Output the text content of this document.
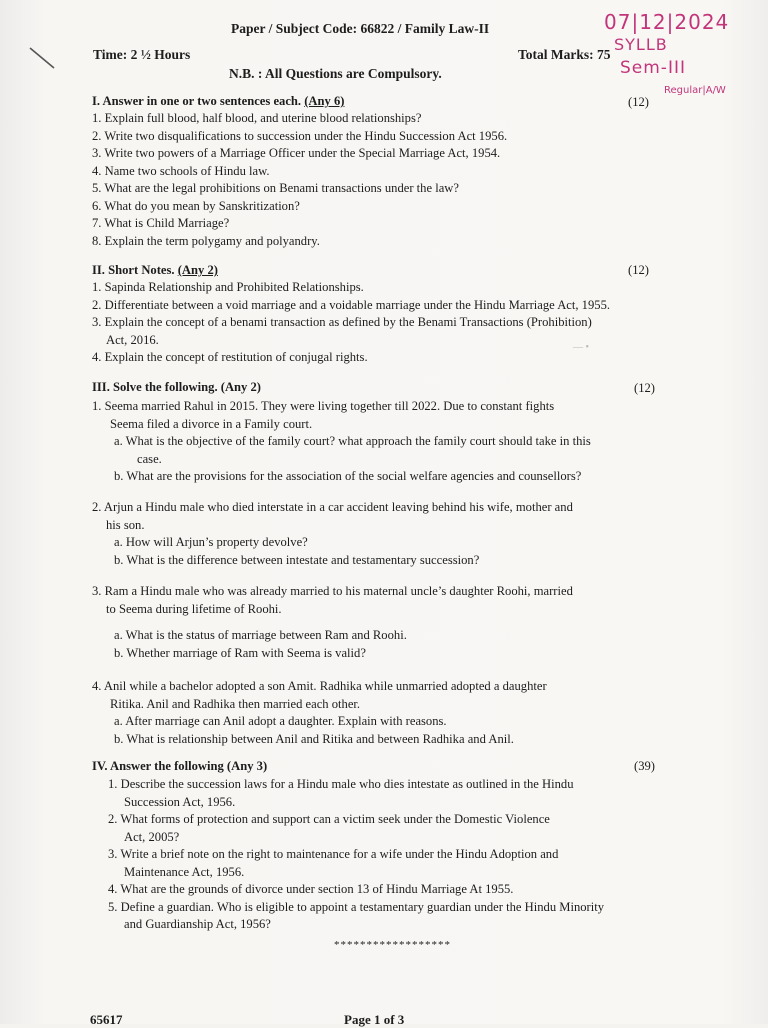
Paper / Subject Code: 66822 / Family Law-II
Time: 2 ½ Hours	Total Marks: 75
N.B. : All Questions are Compulsory.
07|12|2024
SYLLB
Sem-III
Regular|A/W
I. Answer in one or two sentences each. (Any 6)	(12)
1. Explain full blood, half blood, and uterine blood relationships?
2. Write two disqualifications to succession under the Hindu Succession Act 1956.
3. Write two powers of a Marriage Officer under the Special Marriage Act, 1954.
4. Name two schools of Hindu law.
5. What are the legal prohibitions on Benami transactions under the law?
6. What do you mean by Sanskritization?
7. What is Child Marriage?
8. Explain the term polygamy and polyandry.
II. Short Notes. (Any 2)	(12)
1. Sapinda Relationship and Prohibited Relationships.
2. Differentiate between a void marriage and a voidable marriage under the Hindu Marriage Act, 1955.
3. Explain the concept of a benami transaction as defined by the Benami Transactions (Prohibition)
Act, 2016.
4. Explain the concept of restitution of conjugal rights.
— •
III. Solve the following. (Any 2)	(12)
1. Seema married Rahul in 2015. They were living together till 2022. Due to constant fights
Seema filed a divorce in a Family court.
a. What is the objective of the family court? what approach the family court should take in this
case.
b. What are the provisions for the association of the social welfare agencies and counsellors?
2. Arjun a Hindu male who died interstate in a car accident leaving behind his wife, mother and
his son.
a. How will Arjun’s property devolve?
b. What is the difference between intestate and testamentary succession?
3. Ram a Hindu male who was already married to his maternal uncle’s daughter Roohi, married
to Seema during lifetime of Roohi.
a. What is the status of marriage between Ram and Roohi.
b. Whether marriage of Ram with Seema is valid?
4. Anil while a bachelor adopted a son Amit. Radhika while unmarried adopted a daughter
Ritika. Anil and Radhika then married each other.
a. After marriage can Anil adopt a daughter. Explain with reasons.
b. What is relationship between Anil and Ritika and between Radhika and Anil.
IV. Answer the following (Any 3)	(39)
1. Describe the succession laws for a Hindu male who dies intestate as outlined in the Hindu
Succession Act, 1956.
2. What forms of protection and support can a victim seek under the Domestic Violence
Act, 2005?
3. Write a brief note on the right to maintenance for a wife under the Hindu Adoption and
Maintenance Act, 1956.
4. What are the grounds of divorce under section 13 of Hindu Marriage At 1955.
5. Define a guardian. Who is eligible to appoint a testamentary guardian under the Hindu Minority
and Guardianship Act, 1956?
******************
65617	Page 1 of 3
